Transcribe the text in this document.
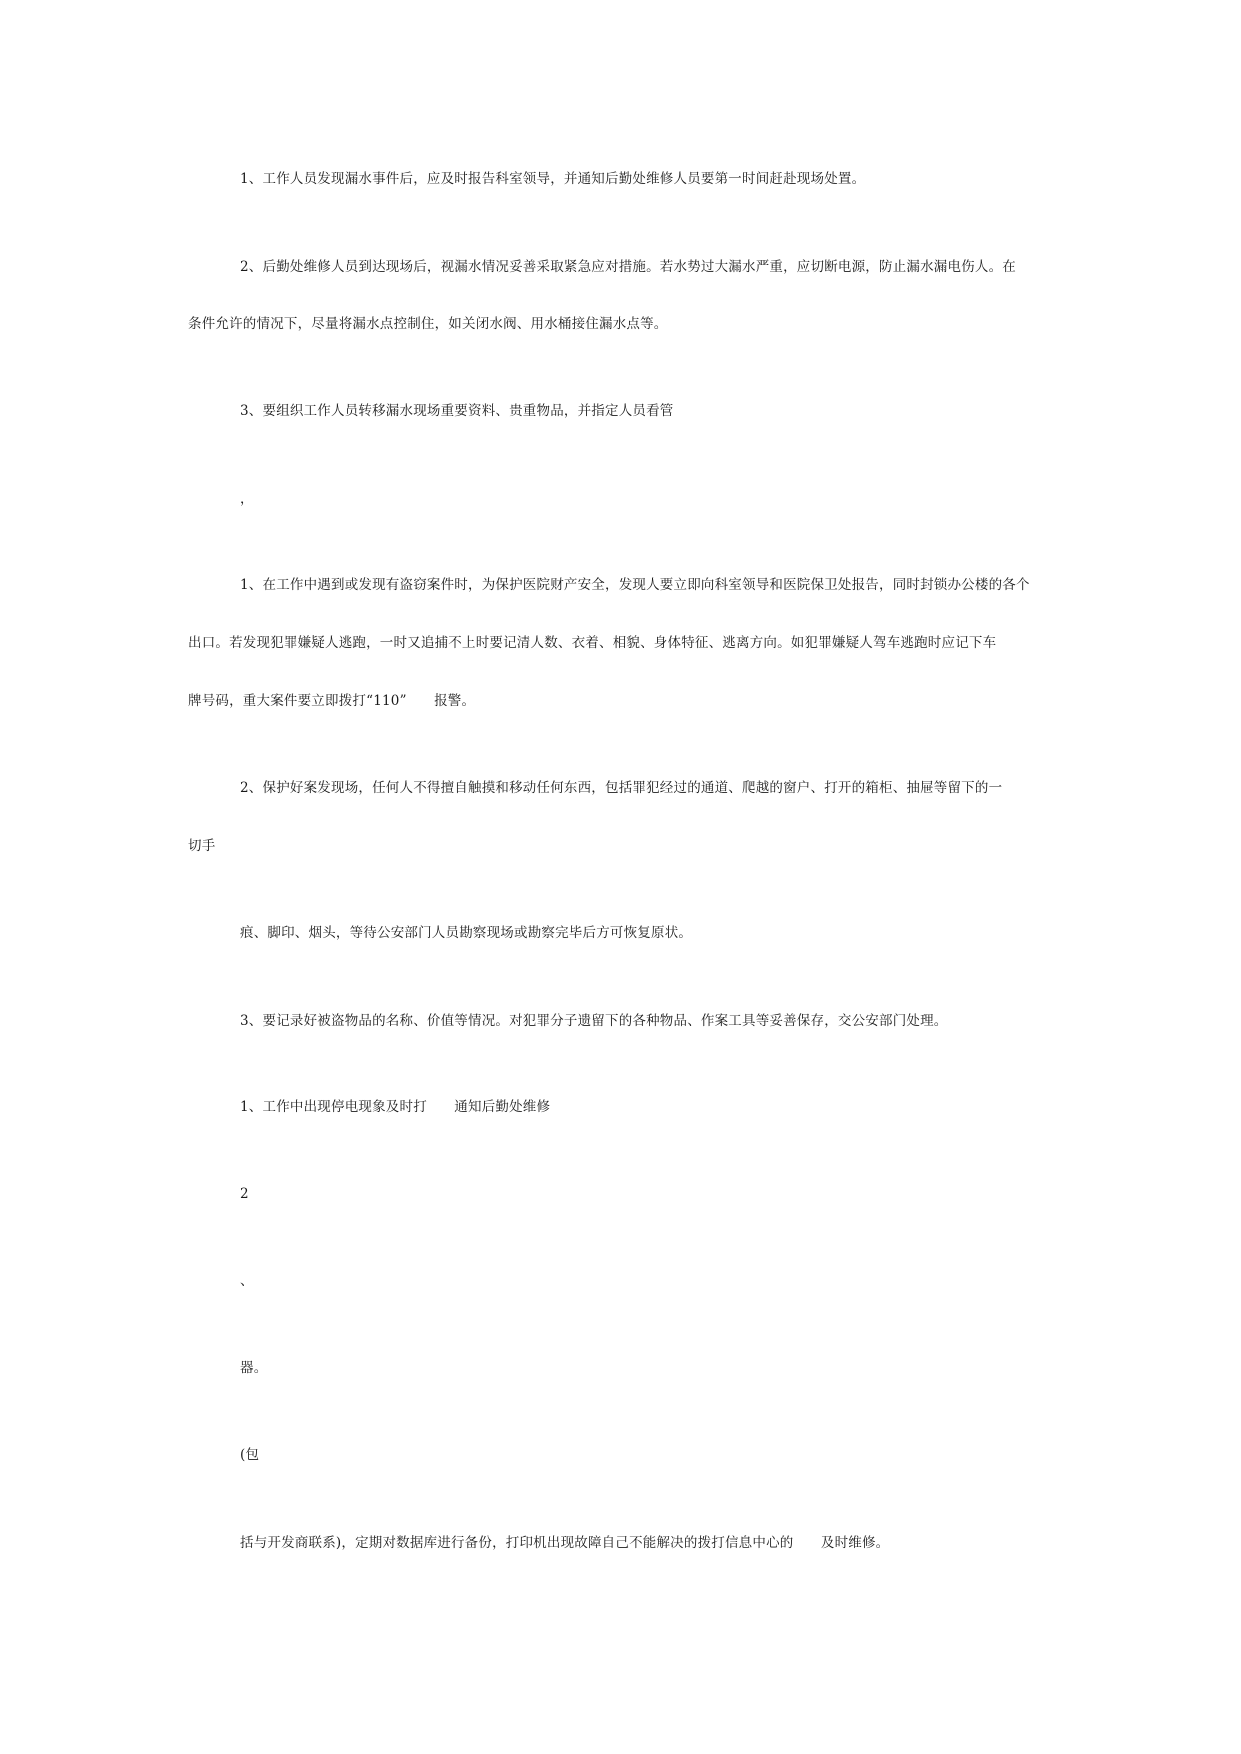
1、工作人员发现漏水事件后，应及时报告科室领导，并通知后勤处维修人员要第一时间赶赴现场处置。
2、后勤处维修人员到达现场后，视漏水情况妥善采取紧急应对措施。若水势过大漏水严重，应切断电源，防止漏水漏电伤人。在
条件允许的情况下，尽量将漏水点控制住，如关闭水阀、用水桶接住漏水点等。
3、要组织工作人员转移漏水现场重要资料、贵重物品，并指定人员看管
，
1、在工作中遇到或发现有盗窃案件时，为保护医院财产安全，发现人要立即向科室领导和医院保卫处报告，同时封锁办公楼的各个
出口。若发现犯罪嫌疑人逃跑，一时又追捕不上时要记清人数、衣着、相貌、身体特征、逃离方向。如犯罪嫌疑人驾车逃跑时应记下车
牌号码，重大案件要立即拨打“110”　　报警。
2、保护好案发现场，任何人不得擅自触摸和移动任何东西，包括罪犯经过的通道、爬越的窗户、打开的箱柜、抽屉等留下的一
切手
痕、脚印、烟头，等待公安部门人员勘察现场或勘察完毕后方可恢复原状。
3、要记录好被盗物品的名称、价值等情况。对犯罪分子遗留下的各种物品、作案工具等妥善保存，交公安部门处理。
1、工作中出现停电现象及时打　　通知后勤处维修
2
、
器。
(包
括与开发商联系)，定期对数据库进行备份，打印机出现故障自己不能解决的拨打信息中心的　　及时维修。
